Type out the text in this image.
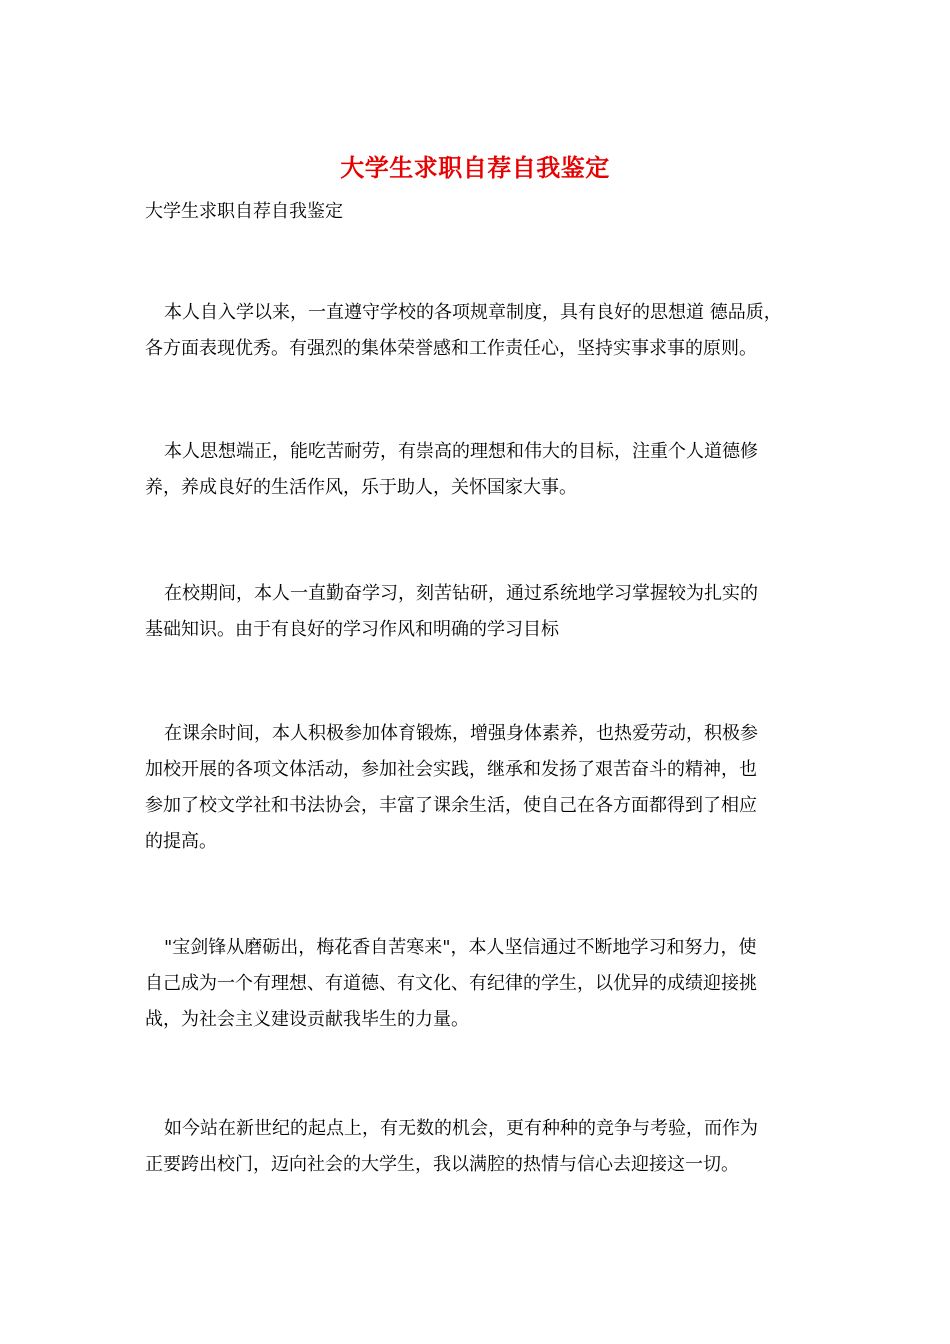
大学生求职自荐自我鉴定
大学生求职自荐自我鉴定
本人自入学以来，一直遵守学校的各项规章制度，具有良好的思想道 德品质，
各方面表现优秀。有强烈的集体荣誉感和工作责任心，坚持实事求事的原则。
本人思想端正，能吃苦耐劳，有崇高的理想和伟大的目标，注重个人道德修
养，养成良好的生活作风，乐于助人，关怀国家大事。
在校期间，本人一直勤奋学习，刻苦钻研，通过系统地学习掌握较为扎实的
基础知识。由于有良好的学习作风和明确的学习目标
在课余时间，本人积极参加体育锻炼，增强身体素养，也热爱劳动，积极参
加校开展的各项文体活动，参加社会实践，继承和发扬了艰苦奋斗的精神，也
参加了校文学社和书法协会，丰富了课余生活，使自己在各方面都得到了相应
的提高。
"宝剑锋从磨砺出，梅花香自苦寒来"，本人坚信通过不断地学习和努力，使
自己成为一个有理想、有道德、有文化、有纪律的学生，以优异的成绩迎接挑
战，为社会主义建设贡献我毕生的力量。
如今站在新世纪的起点上，有无数的机会，更有种种的竞争与考验，而作为
正要跨出校门，迈向社会的大学生，我以满腔的热情与信心去迎接这一切。
